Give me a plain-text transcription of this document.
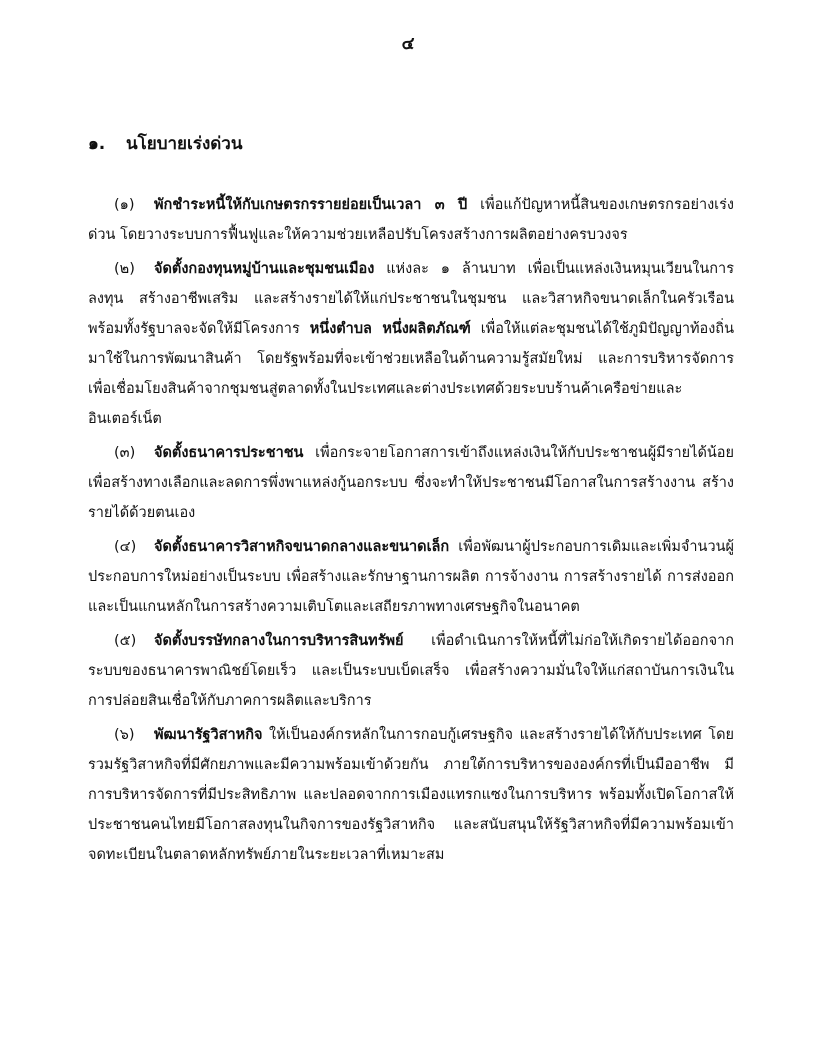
๔
๑. นโยบายเร่งด่วน

(๑) พักชำระหนี้ให้กับเกษตรกรรายย่อยเป็นเวลา ๓ ปี เพื่อแก้ปัญหาหนี้สินของเกษตรกรอย่างเร่งด่วน โดยวางระบบการฟื้นฟูและให้ความช่วยเหลือปรับโครงสร้างการผลิตอย่างครบวงจร

(๒) จัดตั้งกองทุนหมู่บ้านและชุมชนเมือง แห่งละ ๑ ล้านบาท เพื่อเป็นแหล่งเงินหมุนเวียนในการลงทุน สร้างอาชีพเสริม และสร้างรายได้ให้แก่ประชาชนในชุมชน และวิสาหกิจขนาดเล็กในครัวเรือน พร้อมทั้งรัฐบาลจะจัดให้มีโครงการ หนึ่งตำบล หนึ่งผลิตภัณฑ์ เพื่อให้แต่ละชุมชนได้ใช้ภูมิปัญญาท้องถิ่นมาใช้ในการพัฒนาสินค้า โดยรัฐพร้อมที่จะเข้าช่วยเหลือในด้านความรู้สมัยใหม่ และการบริหารจัดการ เพื่อเชื่อมโยงสินค้าจากชุมชนสู่ตลาดทั้งในประเทศและต่างประเทศด้วยระบบร้านค้าเครือข่ายและอินเตอร์เน็ต

(๓) จัดตั้งธนาคารประชาชน เพื่อกระจายโอกาสการเข้าถึงแหล่งเงินให้กับประชาชนผู้มีรายได้น้อย เพื่อสร้างทางเลือกและลดการพึ่งพาแหล่งกู้นอกระบบ ซึ่งจะทำให้ประชาชนมีโอกาสในการสร้างงาน สร้างรายได้ด้วยตนเอง

(๔) จัดตั้งธนาคารวิสาหกิจขนาดกลางและขนาดเล็ก เพื่อพัฒนาผู้ประกอบการเดิมและเพิ่มจำนวนผู้ประกอบการใหม่อย่างเป็นระบบ เพื่อสร้างและรักษาฐานการผลิต การจ้างงาน การสร้างรายได้ การส่งออก และเป็นแกนหลักในการสร้างความเติบโตและเสถียรภาพทางเศรษฐกิจในอนาคต

(๕) จัดตั้งบรรษัทกลางในการบริหารสินทรัพย์ เพื่อดำเนินการให้หนี้ที่ไม่ก่อให้เกิดรายได้ออกจากระบบของธนาคารพาณิชย์โดยเร็ว และเป็นระบบเบ็ดเสร็จ เพื่อสร้างความมั่นใจให้แก่สถาบันการเงินในการปล่อยสินเชื่อให้กับภาคการผลิตและบริการ

(๖) พัฒนารัฐวิสาหกิจ ให้เป็นองค์กรหลักในการกอบกู้เศรษฐกิจ และสร้างรายได้ให้กับประเทศ โดยรวมรัฐวิสาหกิจที่มีศักยภาพและมีความพร้อมเข้าด้วยกัน ภายใต้การบริหารขององค์กรที่เป็นมืออาชีพ มีการบริหารจัดการที่มีประสิทธิภาพ และปลอดจากการเมืองแทรกแซงในการบริหาร พร้อมทั้งเปิดโอกาสให้ประชาชนคนไทยมีโอกาสลงทุนในกิจการของรัฐวิสาหกิจ และสนับสนุนให้รัฐวิสาหกิจที่มีความพร้อมเข้าจดทะเบียนในตลาดหลักทรัพย์ภายในระยะเวลาที่เหมาะสม
